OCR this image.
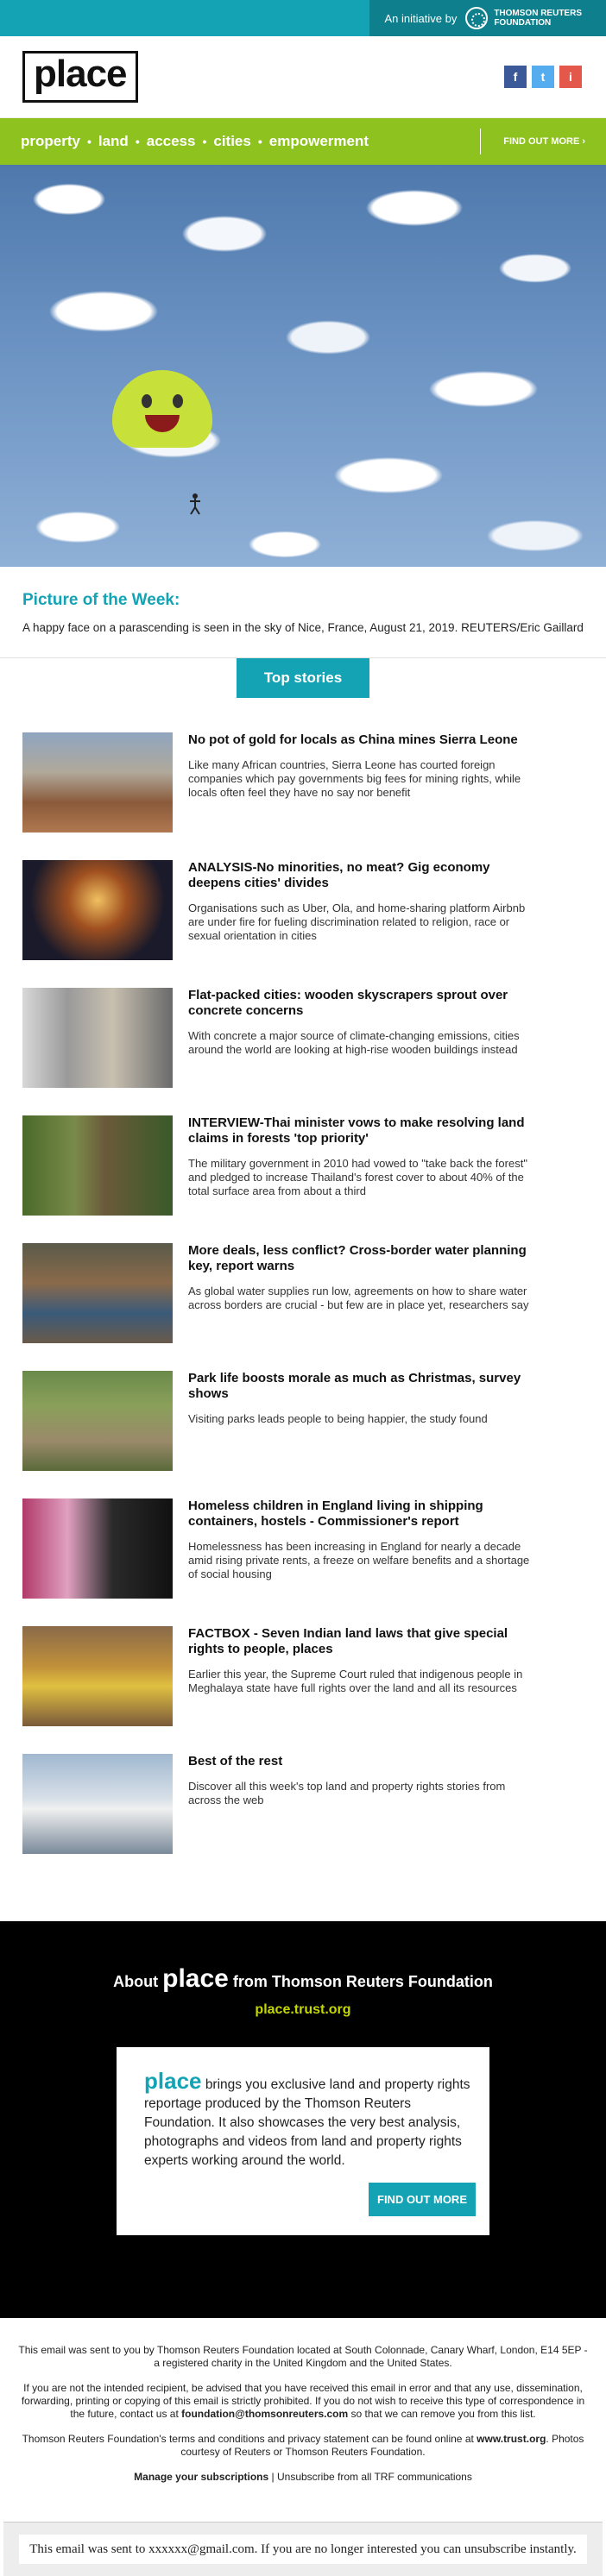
An initiative by	THOMSON REUTERS
FOUNDATION
place	f	t	i
property • land • access • cities • empowerment	FIND OUT MORE ›
Picture of the Week:
A happy face on a parascending is seen in the sky of Nice, France, August 21, 2019. REUTERS/Eric Gaillard
Top stories
No pot of gold for locals as China mines Sierra Leone
Like many African countries, Sierra Leone has courted foreign companies which pay governments big fees for mining rights, while locals often feel they have no say nor benefit
ANALYSIS-No minorities, no meat? Gig economy deepens cities' divides
Organisations such as Uber, Ola, and home-sharing platform Airbnb are under fire for fueling discrimination related to religion, race or sexual orientation in cities
Flat-packed cities: wooden skyscrapers sprout over concrete concerns
With concrete a major source of climate-changing emissions, cities around the world are looking at high-rise wooden buildings instead
INTERVIEW-Thai minister vows to make resolving land claims in forests 'top priority'
The military government in 2010 had vowed to "take back the forest" and pledged to increase Thailand's forest cover to about 40% of the total surface area from about a third
More deals, less conflict? Cross-border water planning key, report warns
As global water supplies run low, agreements on how to share water across borders are crucial - but few are in place yet, researchers say
Park life boosts morale as much as Christmas, survey shows
Visiting parks leads people to being happier, the study found
Homeless children in England living in shipping containers, hostels - Commissioner's report
Homelessness has been increasing in England for nearly a decade amid rising private rents, a freeze on welfare benefits and a shortage of social housing
FACTBOX - Seven Indian land laws that give special rights to people, places
Earlier this year, the Supreme Court ruled that indigenous people in Meghalaya state have full rights over the land and all its resources
Best of the rest
Discover all this week's top land and property rights stories from across the web
About place from Thomson Reuters Foundation
place.trust.org

place brings you exclusive land and property rights reportage produced by the Thomson Reuters Foundation. It also showcases the very best analysis, photographs and videos from land and property rights experts working around the world.

FIND OUT MORE

This email was sent to you by Thomson Reuters Foundation located at South Colonnade, Canary Wharf, London, E14 5EP - a registered charity in the United Kingdom and the United States.

If you are not the intended recipient, be advised that you have received this email in error and that any use, dissemination, forwarding, printing or copying of this email is strictly prohibited. If you do not wish to receive this type of correspondence in the future, contact us at foundation@thomsonreuters.com so that we can remove you from this list.

Thomson Reuters Foundation's terms and conditions and privacy statement can be found online at www.trust.org. Photos courtesy of Reuters or Thomson Reuters Foundation.

Manage your subscriptions | Unsubscribe from all TRF communications

This email was sent to xxxxxx@gmail.com. If you are no longer interested you can unsubscribe instantly.
